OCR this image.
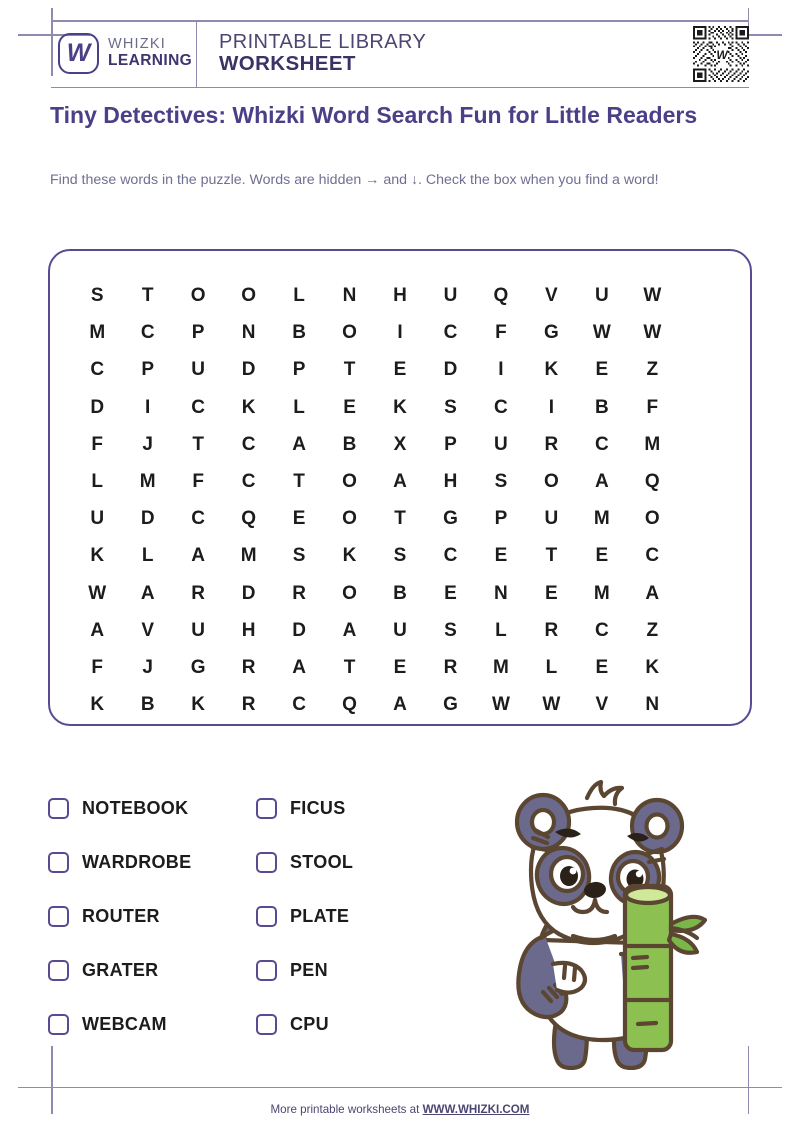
W WHIZKI
LEARNING
PRINTABLE LIBRARY
WORKSHEET	W
Tiny Detectives: Whizki Word Search Fun for Little Readers
Find these words in the puzzle. Words are hidden → and ↓. Check the box when you find a word!
S	T	O	O	L	N	H	U	Q	V	U	W
M	C	P	N	B	O	I	C	F	G	W	W
C	P	U	D	P	T	E	D	I	K	E	Z
D	I	C	K	L	E	K	S	C	I	B	F
F	J	T	C	A	B	X	P	U	R	C	M
L	M	F	C	T	O	A	H	S	O	A	Q
U	D	C	Q	E	O	T	G	P	U	M	O
K	L	A	M	S	K	S	C	E	T	E	C
W	A	R	D	R	O	B	E	N	E	M	A
A	V	U	H	D	A	U	S	L	R	C	Z
F	J	G	R	A	T	E	R	M	L	E	K
K	B	K	R	C	Q	A	G	W	W	V	N
NOTEBOOK	FICUS
WARDROBE	STOOL
ROUTER	PLATE
GRATER	PEN
WEBCAM	CPU
More printable worksheets at WWW.WHIZKI.COM
